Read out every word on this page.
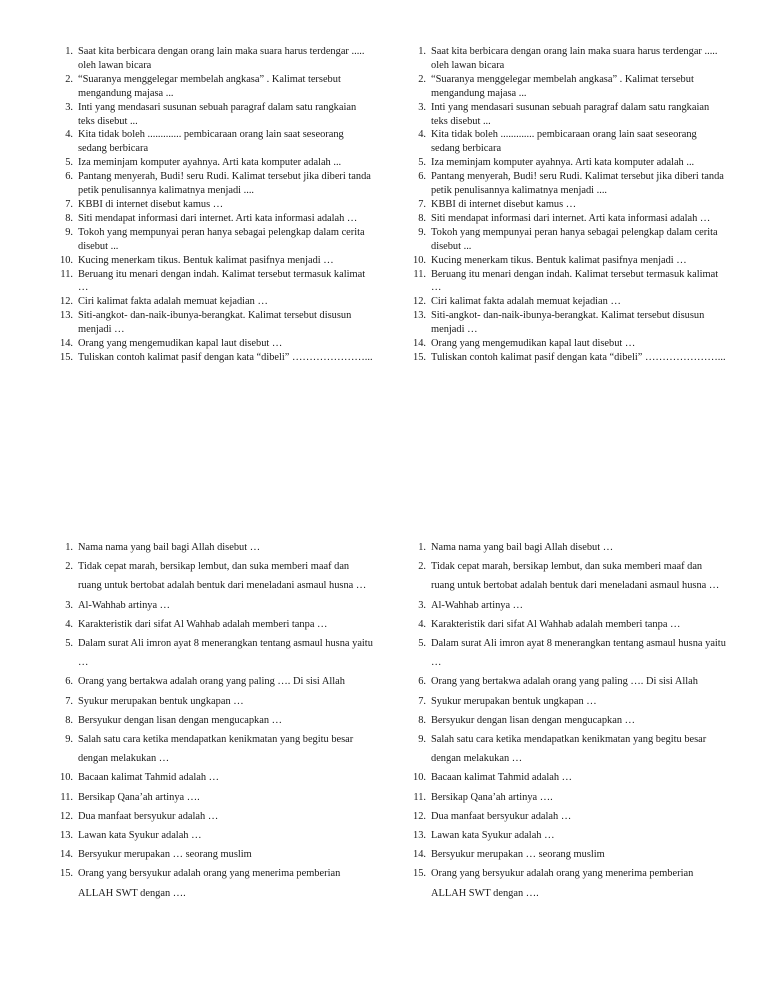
1. Saat kita berbicara dengan orang lain maka suara harus terdengar ..... oleh lawan bicara
2. “Suaranya menggelegar membelah angkasa” . Kalimat tersebut mengandung majasa ...
3. Inti yang mendasari susunan sebuah paragraf dalam satu rangkaian teks disebut ...
4. Kita tidak boleh ............. pembicaraan orang lain saat seseorang sedang berbicara
5. Iza meminjam komputer ayahnya. Arti kata komputer adalah ...
6. Pantang menyerah, Budi! seru Rudi. Kalimat tersebut jika diberi tanda petik penulisannya kalimatnya menjadi ....
7. KBBI di internet disebut kamus …
8. Siti mendapat informasi dari internet. Arti kata informasi adalah …
9. Tokoh yang mempunyai peran hanya sebagai pelengkap dalam cerita disebut ...
10. Kucing menerkam tikus. Bentuk kalimat pasifnya menjadi …
11. Beruang itu menari dengan indah. Kalimat tersebut termasuk kalimat …
12. Ciri kalimat fakta adalah memuat kejadian …
13. Siti-angkot- dan-naik-ibunya-berangkat. Kalimat tersebut disusun menjadi …
14. Orang yang mengemudikan kapal laut disebut …
15. Tuliskan contoh kalimat pasif dengan kata “dibeli” …………………...
1. Saat kita berbicara dengan orang lain maka suara harus terdengar ..... oleh lawan bicara
2. “Suaranya menggelegar membelah angkasa” . Kalimat tersebut mengandung majasa ...
3. Inti yang mendasari susunan sebuah paragraf dalam satu rangkaian teks disebut ...
4. Kita tidak boleh ............. pembicaraan orang lain saat seseorang sedang berbicara
5. Iza meminjam komputer ayahnya. Arti kata komputer adalah ...
6. Pantang menyerah, Budi! seru Rudi. Kalimat tersebut jika diberi tanda petik penulisannya kalimatnya menjadi ....
7. KBBI di internet disebut kamus …
8. Siti mendapat informasi dari internet. Arti kata informasi adalah …
9. Tokoh yang mempunyai peran hanya sebagai pelengkap dalam cerita disebut ...
10. Kucing menerkam tikus. Bentuk kalimat pasifnya menjadi …
11. Beruang itu menari dengan indah. Kalimat tersebut termasuk kalimat …
12. Ciri kalimat fakta adalah memuat kejadian …
13. Siti-angkot- dan-naik-ibunya-berangkat. Kalimat tersebut disusun menjadi …
14. Orang yang mengemudikan kapal laut disebut …
15. Tuliskan contoh kalimat pasif dengan kata “dibeli” …………………...
1. Nama nama yang bail bagi Allah disebut …
2. Tidak cepat marah, bersikap lembut, dan suka memberi maaf dan ruang untuk bertobat adalah bentuk dari meneladani asmaul husna …
3. Al-Wahhab artinya …
4. Karakteristik dari sifat Al Wahhab adalah memberi tanpa …
5. Dalam surat Ali imron ayat 8 menerangkan tentang asmaul husna yaitu …
6. Orang yang bertakwa adalah orang yang paling …. Di sisi Allah
7. Syukur merupakan bentuk ungkapan …
8. Bersyukur dengan lisan dengan mengucapkan …
9. Salah satu cara ketika mendapatkan kenikmatan yang begitu besar dengan melakukan …
10. Bacaan kalimat Tahmid adalah …
11. Bersikap Qana’ah artinya ….
12. Dua manfaat bersyukur adalah …
13. Lawan kata Syukur adalah …
14. Bersyukur merupakan … seorang muslim
15. Orang yang bersyukur adalah orang yang menerima pemberian ALLAH SWT dengan ….
1. Nama nama yang bail bagi Allah disebut …
2. Tidak cepat marah, bersikap lembut, dan suka memberi maaf dan ruang untuk bertobat adalah bentuk dari meneladani asmaul husna …
3. Al-Wahhab artinya …
4. Karakteristik dari sifat Al Wahhab adalah memberi tanpa …
5. Dalam surat Ali imron ayat 8 menerangkan tentang asmaul husna yaitu …
6. Orang yang bertakwa adalah orang yang paling …. Di sisi Allah
7. Syukur merupakan bentuk ungkapan …
8. Bersyukur dengan lisan dengan mengucapkan …
9. Salah satu cara ketika mendapatkan kenikmatan yang begitu besar dengan melakukan …
10. Bacaan kalimat Tahmid adalah …
11. Bersikap Qana’ah artinya ….
12. Dua manfaat bersyukur adalah …
13. Lawan kata Syukur adalah …
14. Bersyukur merupakan … seorang muslim
15. Orang yang bersyukur adalah orang yang menerima pemberian ALLAH SWT dengan ….
